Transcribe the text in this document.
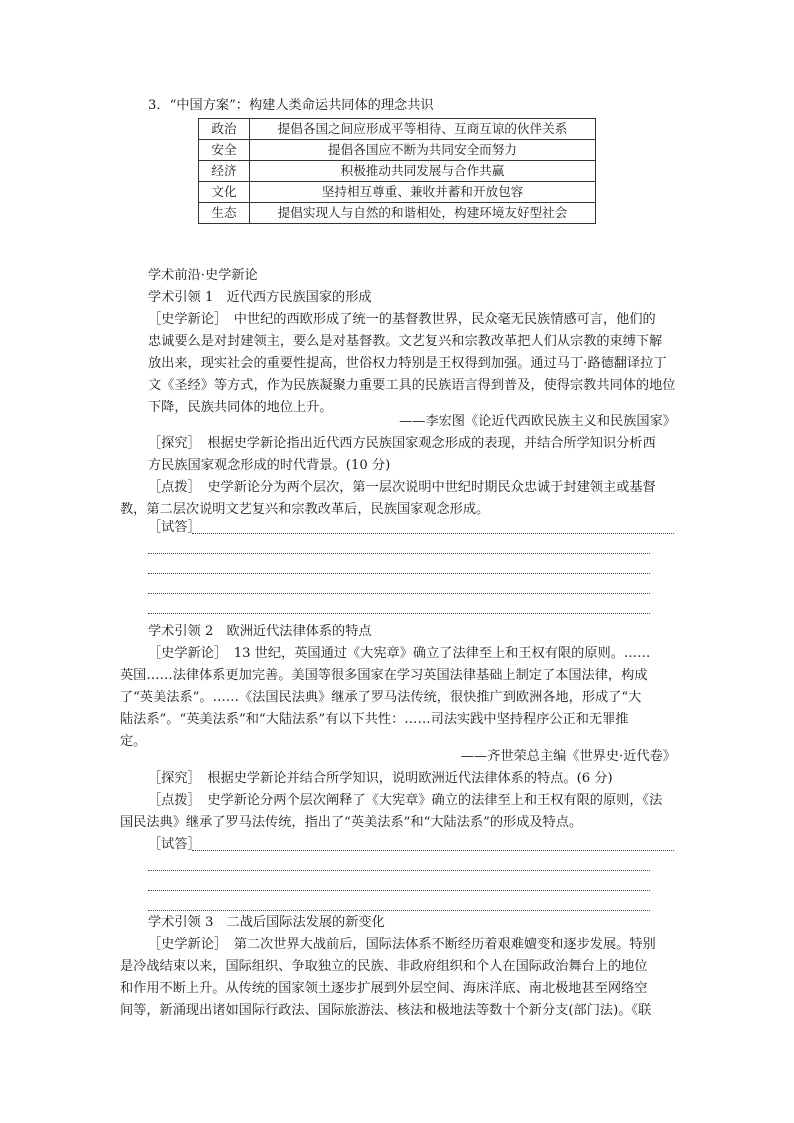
3．“中国方案”：构建人类命运共同体的理念共识
政治	提倡各国之间应形成平等相待、互商互谅的伙伴关系
安全	提倡各国应不断为共同安全而努力
经济	积极推动共同发展与合作共赢
文化	坚持相互尊重、兼收并蓄和开放包容
生态	提倡实现人与自然的和谐相处，构建环境友好型社会
学术前沿·史学新论
学术引领 1　近代西方民族国家的形成
［史学新论］　中世纪的西欧形成了统一的基督教世界，民众毫无民族情感可言，他们的
忠诚要么是对封建领主，要么是对基督教。文艺复兴和宗教改革把人们从宗教的束缚下解
放出来，现实社会的重要性提高，世俗权力特别是王权得到加强。通过马丁·路德翻译拉丁
文《圣经》等方式，作为民族凝聚力重要工具的民族语言得到普及，使得宗教共同体的地位
下降，民族共同体的地位上升。
——李宏图《论近代西欧民族主义和民族国家》
［探究］　根据史学新论指出近代西方民族国家观念形成的表现，并结合所学知识分析西
方民族国家观念形成的时代背景。(10 分)
［点拨］　史学新论分为两个层次，第一层次说明中世纪时期民众忠诚于封建领主或基督
教，第二层次说明文艺复兴和宗教改革后，民族国家观念形成。
［试答］
学术引领 2　欧洲近代法律体系的特点
［史学新论］　13 世纪，英国通过《大宪章》确立了法律至上和王权有限的原则。……
英国……法律体系更加完善。美国等很多国家在学习英国法律基础上制定了本国法律，构成
了“英美法系”。……《法国民法典》继承了罗马法传统，很快推广到欧洲各地，形成了“大
陆法系”。“英美法系”和“大陆法系”有以下共性：……司法实践中坚持程序公正和无罪推
定。
——齐世荣总主编《世界史·近代卷》
［探究］　根据史学新论并结合所学知识，说明欧洲近代法律体系的特点。(6 分)
［点拨］　史学新论分两个层次阐释了《大宪章》确立的法律至上和王权有限的原则，《法
国民法典》继承了罗马法传统，指出了“英美法系”和“大陆法系”的形成及特点。
［试答］
学术引领 3　二战后国际法发展的新变化
［史学新论］　第二次世界大战前后，国际法体系不断经历着艰难嬗变和逐步发展。特别
是冷战结束以来，国际组织、争取独立的民族、非政府组织和个人在国际政治舞台上的地位
和作用不断上升。从传统的国家领土逐步扩展到外层空间、海床洋底、南北极地甚至网络空
间等，新涌现出诸如国际行政法、国际旅游法、核法和极地法等数十个新分支(部门法)。《联
